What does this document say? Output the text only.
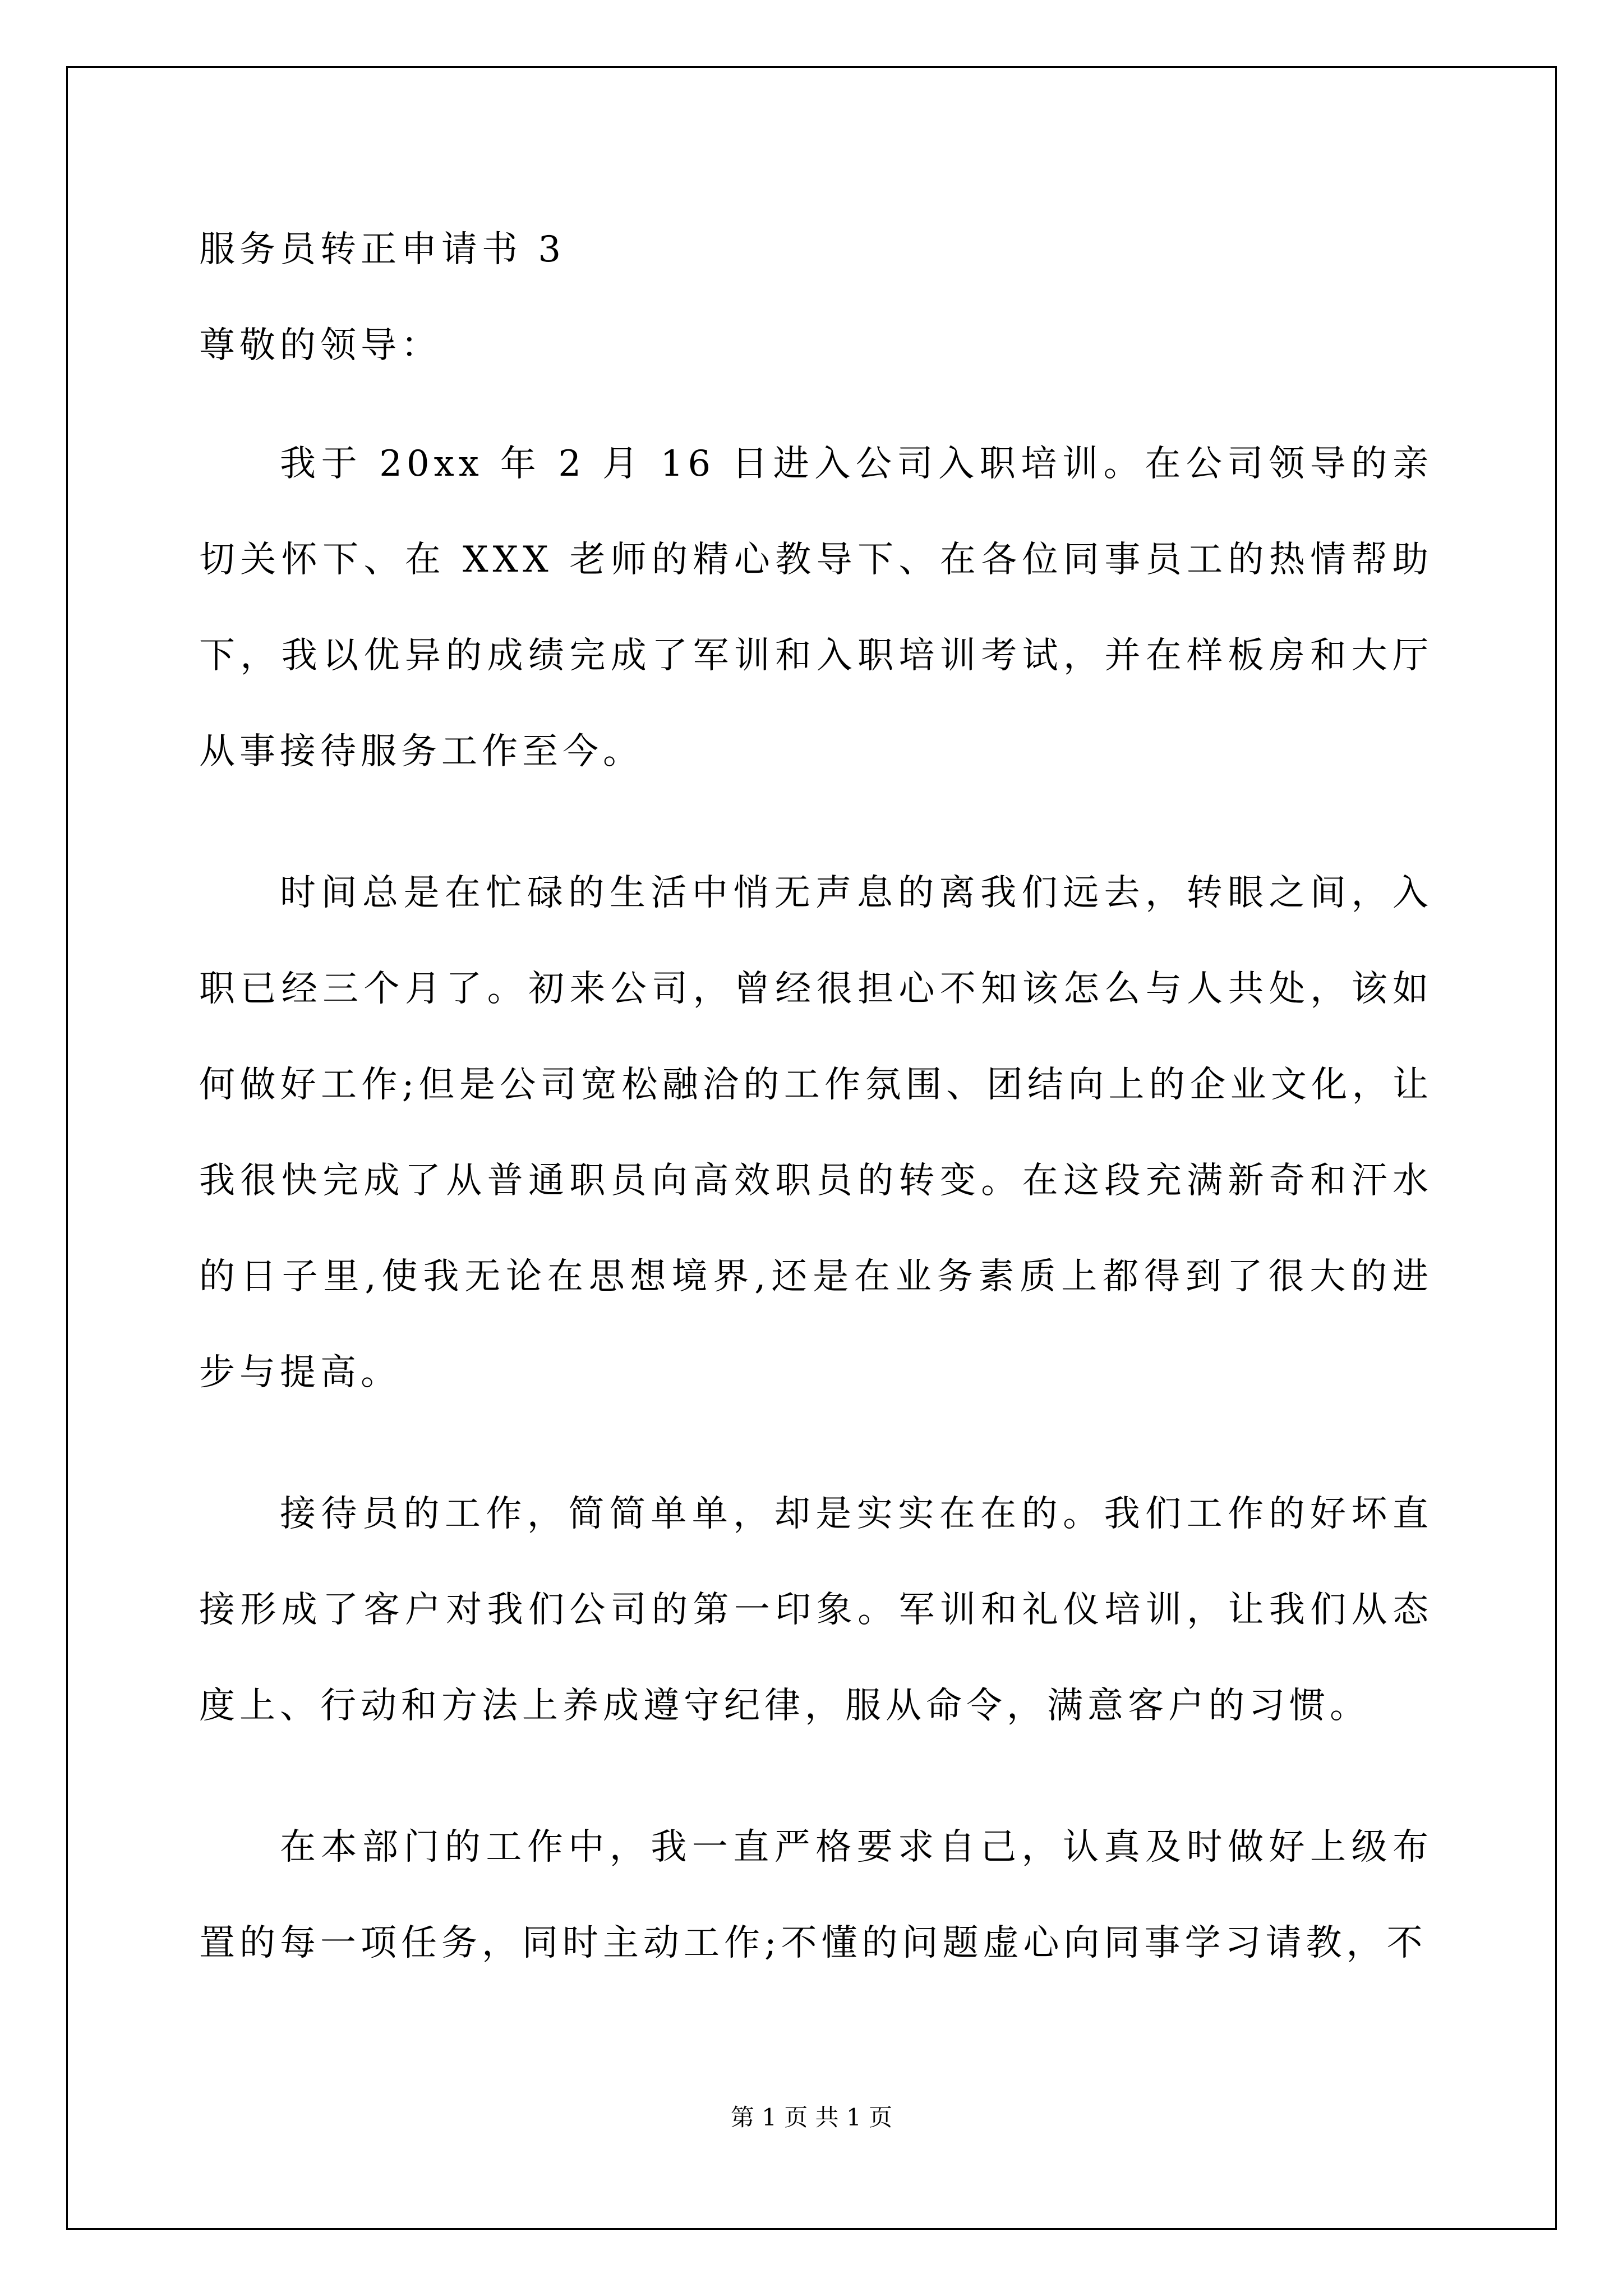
服务员转正申请书 3

尊敬的领导：

我于 20xx 年 2 月 16 日进入公司入职培训。在公司领导的亲切关怀下、在 XXX 老师的精心教导下、在各位同事员工的热情帮助下，我以优异的成绩完成了军训和入职培训考试，并在样板房和大厅从事接待服务工作至今。

时间总是在忙碌的生活中悄无声息的离我们远去，转眼之间，入职已经三个月了。初来公司，曾经很担心不知该怎么与人共处，该如何做好工作;但是公司宽松融洽的工作氛围、团结向上的企业文化，让我很快完成了从普通职员向高效职员的转变。在这段充满新奇和汗水的日子里,使我无论在思想境界,还是在业务素质上都得到了很大的进步与提高。

接待员的工作，简简单单，却是实实在在的。我们工作的好坏直接形成了客户对我们公司的第一印象。军训和礼仪培训，让我们从态度上、行动和方法上养成遵守纪律，服从命令，满意客户的习惯。

在本部门的工作中，我一直严格要求自己，认真及时做好上级布置的每一项任务，同时主动工作;不懂的问题虚心向同事学习请教，不

第 1 页 共 1 页
